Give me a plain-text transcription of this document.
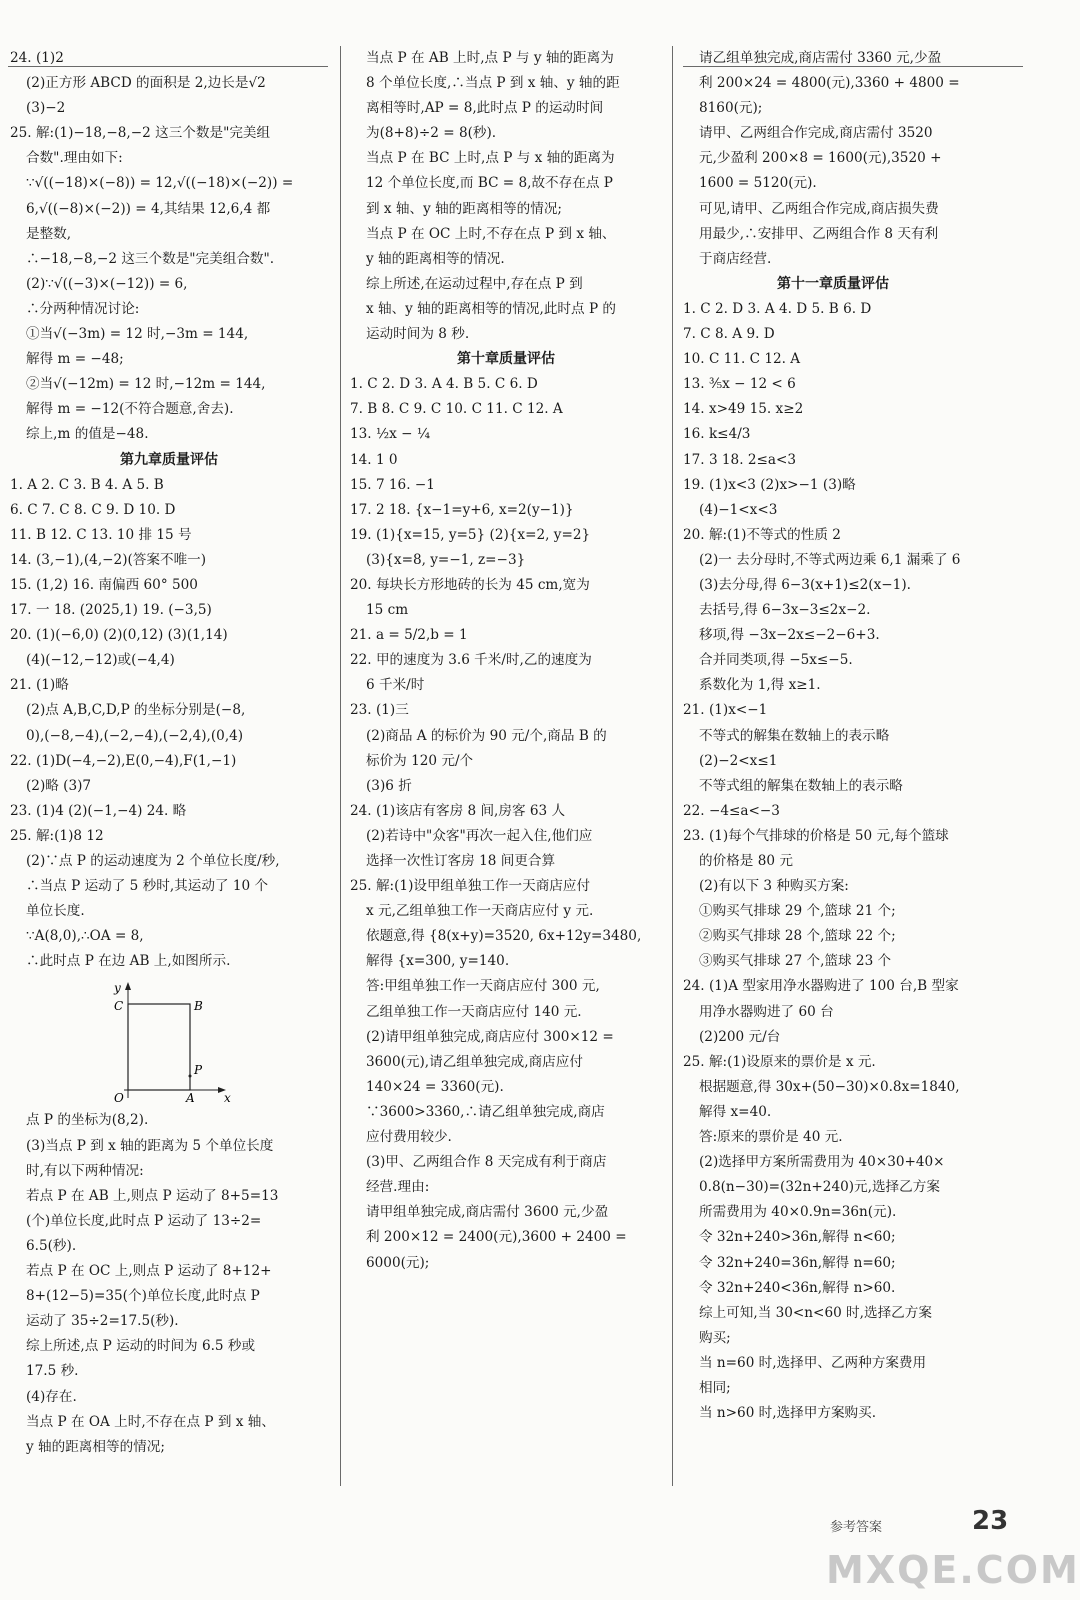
24. (1)2
(2)正方形 ABCD 的面积是 2,边长是√2
(3)−2
25. 解:(1)−18,−8,−2 这三个数是"完美组
合数".理由如下:
∵√((−18)×(−8)) = 12,√((−18)×(−2)) =
6,√((−8)×(−2)) = 4,其结果 12,6,4 都
是整数,
∴−18,−8,−2 这三个数是"完美组合数".
(2)∵√((−3)×(−12)) = 6,
∴分两种情况讨论:
①当√(−3m) = 12 时,−3m = 144,
解得 m = −48;
②当√(−12m) = 12 时,−12m = 144,
解得 m = −12(不符合题意,舍去).
综上,m 的值是−48.
第九章质量评估
1. A 2. C 3. B 4. A 5. B
6. C 7. C 8. C 9. D 10. D
11. B 12. C 13. 10 排 15 号
14. (3,−1),(4,−2)(答案不唯一)
15. (1,2) 16. 南偏西 60° 500
17. 一 18. (2025,1) 19. (−3,5)
20. (1)(−6,0) (2)(0,12) (3)(1,14)
(4)(−12,−12)或(−4,4)
21. (1)略
(2)点 A,B,C,D,P 的坐标分别是(−8,
0),(−8,−4),(−2,−4),(−2,4),(0,4)
22. (1)D(−4,−2),E(0,−4),F(1,−1)
(2)略 (3)7
23. (1)4 (2)(−1,−4) 24. 略
25. 解:(1)8 12
(2)∵点 P 的运动速度为 2 个单位长度/秒,
∴当点 P 运动了 5 秒时,其运动了 10 个
单位长度.
∵A(8,0),∴OA = 8,
∴此时点 P 在边 AB 上,如图所示.
y
C	B
P
O	A x
点 P 的坐标为(8,2).
(3)当点 P 到 x 轴的距离为 5 个单位长度
时,有以下两种情况:
若点 P 在 AB 上,则点 P 运动了 8+5=13
(个)单位长度,此时点 P 运动了 13÷2=
6.5(秒).
若点 P 在 OC 上,则点 P 运动了 8+12+
8+(12−5)=35(个)单位长度,此时点 P
运动了 35÷2=17.5(秒).
综上所述,点 P 运动的时间为 6.5 秒或
17.5 秒.
(4)存在.
当点 P 在 OA 上时,不存在点 P 到 x 轴、
y 轴的距离相等的情况;
当点 P 在 AB 上时,点 P 与 y 轴的距离为
8 个单位长度,∴当点 P 到 x 轴、y 轴的距
离相等时,AP = 8,此时点 P 的运动时间
为(8+8)÷2 = 8(秒).
当点 P 在 BC 上时,点 P 与 x 轴的距离为
12 个单位长度,而 BC = 8,故不存在点 P
到 x 轴、y 轴的距离相等的情况;
当点 P 在 OC 上时,不存在点 P 到 x 轴、
y 轴的距离相等的情况.
综上所述,在运动过程中,存在点 P 到
x 轴、y 轴的距离相等的情况,此时点 P 的
运动时间为 8 秒.
第十章质量评估
1. C 2. D 3. A 4. B 5. C 6. D
7. B 8. C 9. C 10. C 11. C 12. A
13. ½x − ¼
14. 1 0
15. 7 16. −1
17. 2 18. {x−1=y+6, x=2(y−1)}
19. (1){x=15, y=5} (2){x=2, y=2}
(3){x=8, y=−1, z=−3}
20. 每块长方形地砖的长为 45 cm,宽为
15 cm
21. a = 5/2,b = 1
22. 甲的速度为 3.6 千米/时,乙的速度为
6 千米/时
23. (1)三
(2)商品 A 的标价为 90 元/个,商品 B 的
标价为 120 元/个
(3)6 折
24. (1)该店有客房 8 间,房客 63 人
(2)若诗中"众客"再次一起入住,他们应
选择一次性订客房 18 间更合算
25. 解:(1)设甲组单独工作一天商店应付
x 元,乙组单独工作一天商店应付 y 元.
依题意,得 {8(x+y)=3520, 6x+12y=3480,
解得 {x=300, y=140.
答:甲组单独工作一天商店应付 300 元,
乙组单独工作一天商店应付 140 元.
(2)请甲组单独完成,商店应付 300×12 =
3600(元),请乙组单独完成,商店应付
140×24 = 3360(元).
∵3600>3360,∴请乙组单独完成,商店
应付费用较少.
(3)甲、乙两组合作 8 天完成有利于商店
经营.理由:
请甲组单独完成,商店需付 3600 元,少盈
利 200×12 = 2400(元),3600 + 2400 =
6000(元);
请乙组单独完成,商店需付 3360 元,少盈
利 200×24 = 4800(元),3360 + 4800 =
8160(元);
请甲、乙两组合作完成,商店需付 3520
元,少盈利 200×8 = 1600(元),3520 +
1600 = 5120(元).
可见,请甲、乙两组合作完成,商店损失费
用最少,∴安排甲、乙两组合作 8 天有利
于商店经营.
第十一章质量评估
1. C 2. D 3. A 4. D 5. B 6. D
7. C 8. A 9. D
10. C 11. C 12. A
13. ⅗x − 12 < 6
14. x>49 15. x≥2
16. k≤4/3
17. 3 18. 2≤a<3
19. (1)x<3 (2)x>−1 (3)略
(4)−1<x<3
20. 解:(1)不等式的性质 2
(2)一 去分母时,不等式两边乘 6,1 漏乘了 6
(3)去分母,得 6−3(x+1)≤2(x−1).
去括号,得 6−3x−3≤2x−2.
移项,得 −3x−2x≤−2−6+3.
合并同类项,得 −5x≤−5.
系数化为 1,得 x≥1.
21. (1)x<−1
不等式的解集在数轴上的表示略
(2)−2<x≤1
不等式组的解集在数轴上的表示略
22. −4≤a<−3
23. (1)每个气排球的价格是 50 元,每个篮球
的价格是 80 元
(2)有以下 3 种购买方案:
①购买气排球 29 个,篮球 21 个;
②购买气排球 28 个,篮球 22 个;
③购买气排球 27 个,篮球 23 个
24. (1)A 型家用净水器购进了 100 台,B 型家
用净水器购进了 60 台
(2)200 元/台
25. 解:(1)设原来的票价是 x 元.
根据题意,得 30x+(50−30)×0.8x=1840,
解得 x=40.
答:原来的票价是 40 元.
(2)选择甲方案所需费用为 40×30+40×
0.8(n−30)=(32n+240)元,选择乙方案
所需费用为 40×0.9n=36n(元).
令 32n+240>36n,解得 n<60;
令 32n+240=36n,解得 n=60;
令 32n+240<36n,解得 n>60.
综上可知,当 30<n<60 时,选择乙方案
购买;
当 n=60 时,选择甲、乙两种方案费用
相同;
当 n>60 时,选择甲方案购买.
参考答案	23
MXQE.COM
